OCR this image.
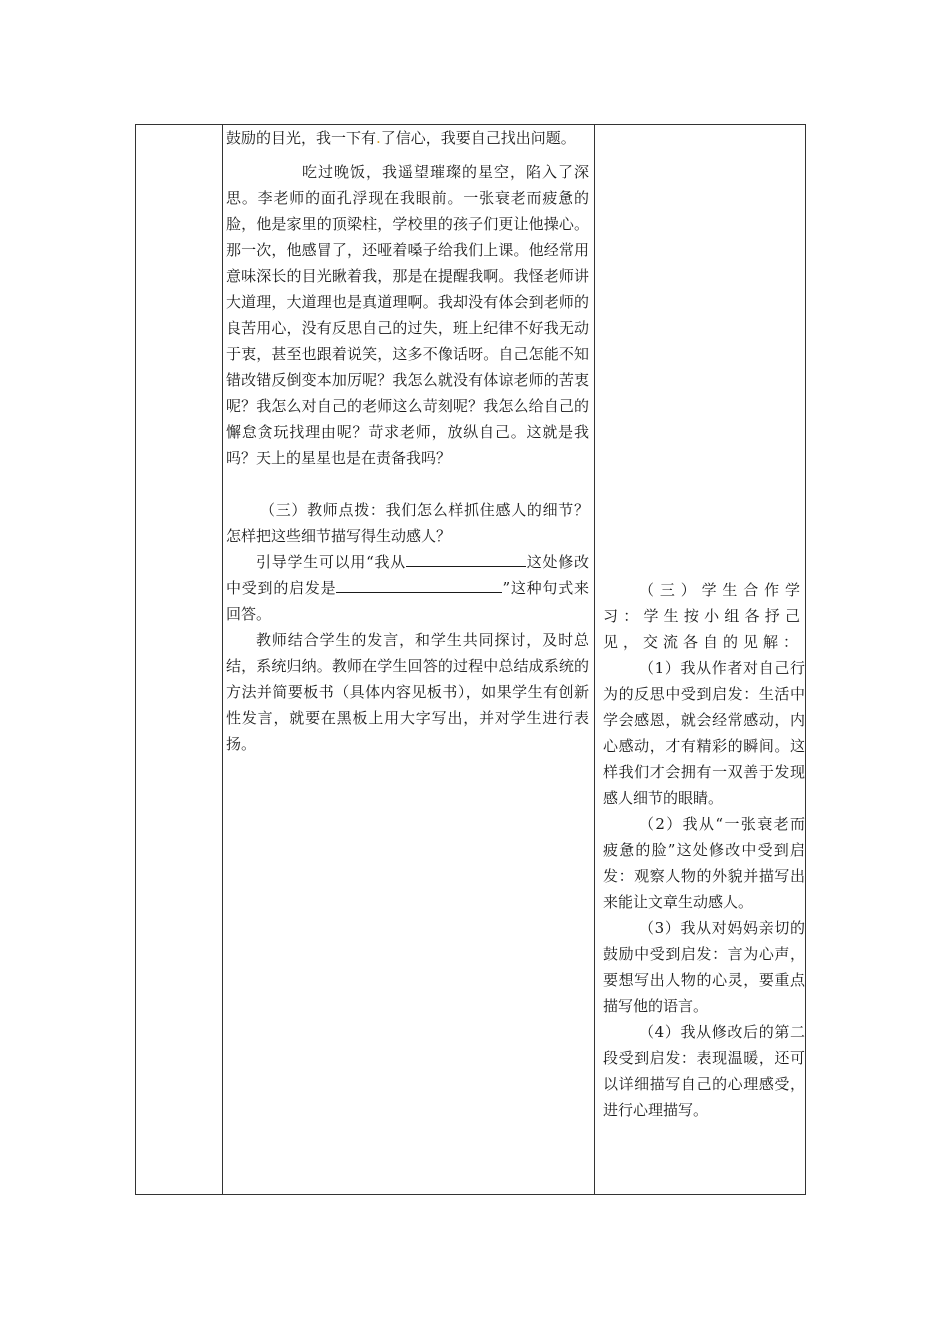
鼓励的目光，我一下有.了信心，我要自己找出问题。

吃过晚饭，我遥望璀璨的星空，陷入了深思。李老师的面孔浮现在我眼前。一张衰老而疲惫的脸，他是家里的顶梁柱，学校里的孩子们更让他操心。那一次，他感冒了，还哑着嗓子给我们上课。他经常用意味深长的目光瞅着我，那是在提醒我啊。我怪老师讲大道理，大道理也是真道理啊。我却没有体会到老师的良苦用心，没有反思自己的过失，班上纪律不好我无动于衷，甚至也跟着说笑，这多不像话呀。自己怎能不知错改错反倒变本加厉呢？我怎么就没有体谅老师的苦衷呢？我怎么对自己的老师这么苛刻呢？我怎么给自己的懈怠贪玩找理由呢？苛求老师，放纵自己。这就是我吗？天上的星星也是在责备我吗？

（三）教师点拨：我们怎么样抓住感人的细节？怎样把这些细节描写得生动感人？

引导学生可以用“我从	这处修改中受到的启发是	”这种句式来回答。

教师结合学生的发言，和学生共同探讨，及时总结，系统归纳。教师在学生回答的过程中总结成系统的方法并简要板书（具体内容见板书），如果学生有创新性发言，就要在黑板上用大字写出，并对学生进行表扬。

（三）学生合作学习：学生按小组各抒己见，交流各自的见解：

（1）我从作者对自己行为的反思中受到启发：生活中学会感恩，就会经常感动，内心感动，才有精彩的瞬间。这样我们才会拥有一双善于发现感人细节的眼睛。

（2）我从“一张衰老而疲惫的脸”这处修改中受到启发：观察人物的外貌并描写出来能让文章生动感人。

（3）我从对妈妈亲切的鼓励中受到启发：言为心声，要想写出人物的心灵，要重点描写他的语言。

（4）我从修改后的第二段受到启发：表现温暖，还可以详细描写自己的心理感受，进行心理描写。
